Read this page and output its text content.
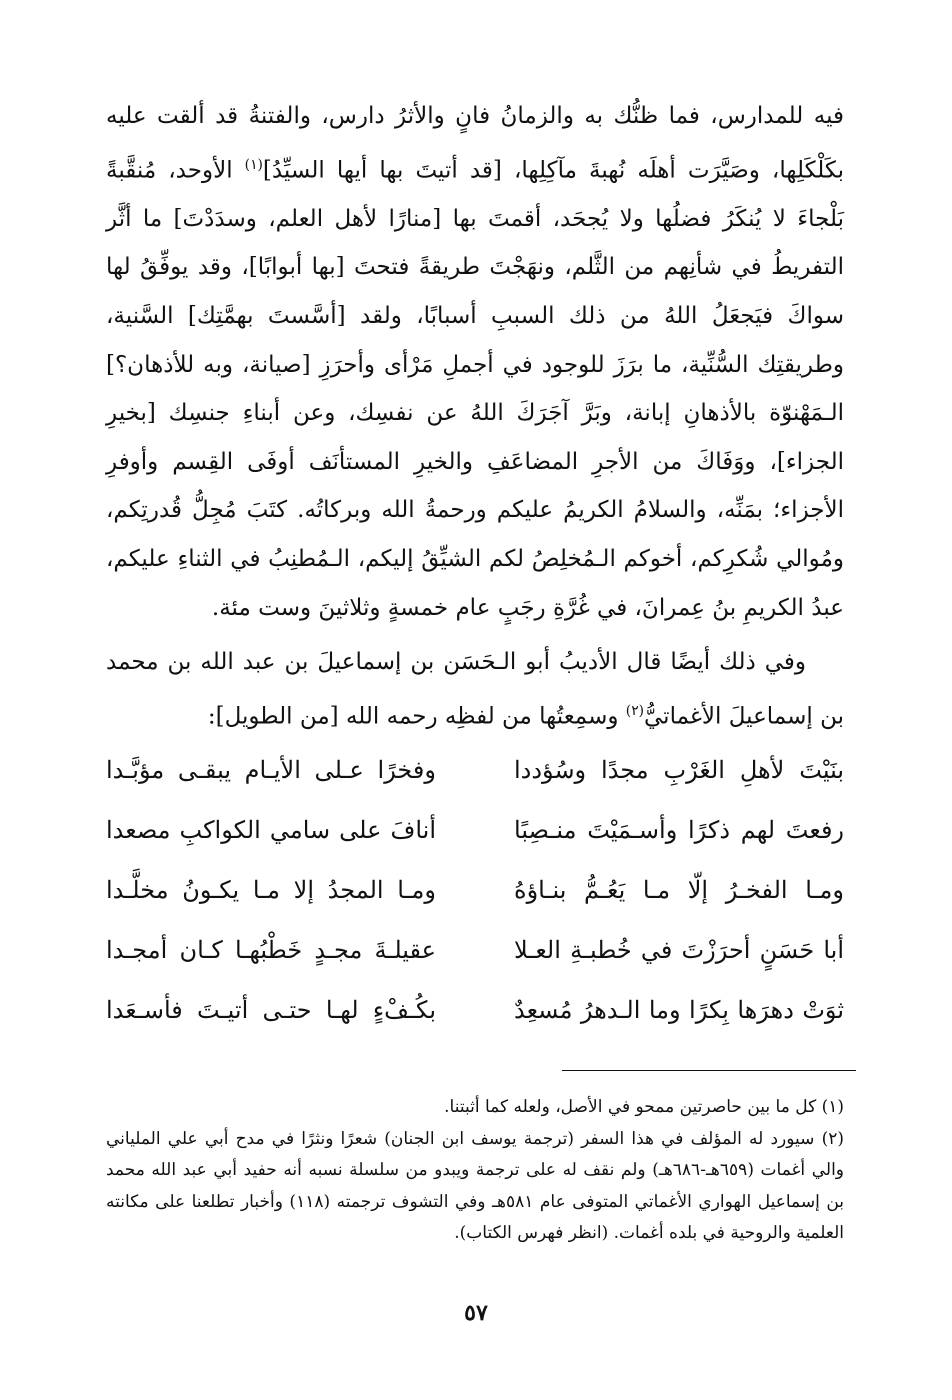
فيه للمدارس، فما ظنُّك به والزمانُ فانٍ والأثرُ دارس، والفتنةُ قد ألقت عليه بكَلْكَلِها، وصَيَّرَت أهلَه نُهبةَ مآكِلِها، [قد أتيتَ بها أيها السيِّدُ]$^{(١)}$ الأوحد، مُنقَّبةً بَلْجاءَ لا يُنكَرُ فضلُها ولا يُجحَد، أقمتَ بها [منارًا لأهل العلم، وسدَدْتَ] ما أثَّر التفريطُ في شأنِهم من الثَّلم، ونهَجْتَ طريقةً فتحتَ [بها أبوابًا]، وقد يوفِّقُ لها سواكَ فيَجعَلُ اللهُ من ذلك السببِ أسبابًا، ولقد [أسَّستَ بهمَّتِك] السَّنية، وطريقتِك السُّنِّية، ما برَزَ للوجود في أجملِ مَرْأى وأحرَزِ [صيانة، وبه للأذهان؟] الـمَهْنوّة بالأذهانِ إبانة، وبَرَّ آجَرَكَ اللهُ عن نفسِك، وعن أبناءِ جنسِك [بخيرِ الجزاء]، ووَفَاكَ من الأجرِ المضاعَفِ والخيرِ المستأنَف أوفَى القِسم وأوفرِ الأجزاء؛ بمَنِّه، والسلامُ الكريمُ عليكم ورحمةُ الله وبركاتُه. كتَبَ مُجِلُّ قُدرتِكم، ومُوالي شُكرِكم، أخوكم الـمُخلِصُ لكم الشيِّقُ إليكم، الـمُطنِبُ في الثناءِ عليكم، عبدُ الكريمِ بنُ عِمرانَ، في غُرَّةِ رجَبٍ عام خمسةٍ وثلاثينَ وست مئة.

وفي ذلك أيضًا قال الأديبُ أبو الـحَسَن بن إسماعيلَ بن عبد الله بن محمد بن إسماعيلَ الأغماتيُّ$^{(٢)}$ وسمِعتُها من لفظِه رحمه الله [من الطويل]:

بنَيْتَ لأهلِ الغَرْبِ مجدًا وسُؤددا
وفخرًا عـلى الأيـام يبقـى مؤبَّـدا
رفعتَ لهم ذكرًا وأسـمَيْتَ منـصِبًا
أنافَ على سامي الكواكبِ مصعدا
ومـا الفخـرُ إلّا مـا يَعُـمُّ بنـاؤهُ
ومـا المجدُ إلا مـا يكـونُ مخلَّـدا
أبا حَسَنٍ أحرَزْتَ في خُطبـةِ العـلا
عقيلـةَ مجـدٍ خَطْبُهـا كـان أمجـدا
ثوَتْ دهرَها بِكرًا وما الـدهرُ مُسعِدٌ
بكُـفْءٍ لهـا حتـى أتيـتَ فأسـعَدا

(١) كل ما بين حاصرتين ممحو في الأصل، ولعله كما أثبتنا.

(٢) سيورد له المؤلف في هذا السفر (ترجمة يوسف ابن الجنان) شعرًا ونثرًا في مدح أبي علي الملياني والي أغمات (٦٥٩هـ-٦٨٦هـ) ولم نقف له على ترجمة ويبدو من سلسلة نسبه أنه حفيد أبي عبد الله محمد بن إسماعيل الهواري الأغماتي المتوفى عام ٥٨١هـ وفي التشوف ترجمته (١١٨) وأخبار تطلعنا على مكانته العلمية والروحية في بلده أغمات. (انظر فهرس الكتاب).

٥٧
